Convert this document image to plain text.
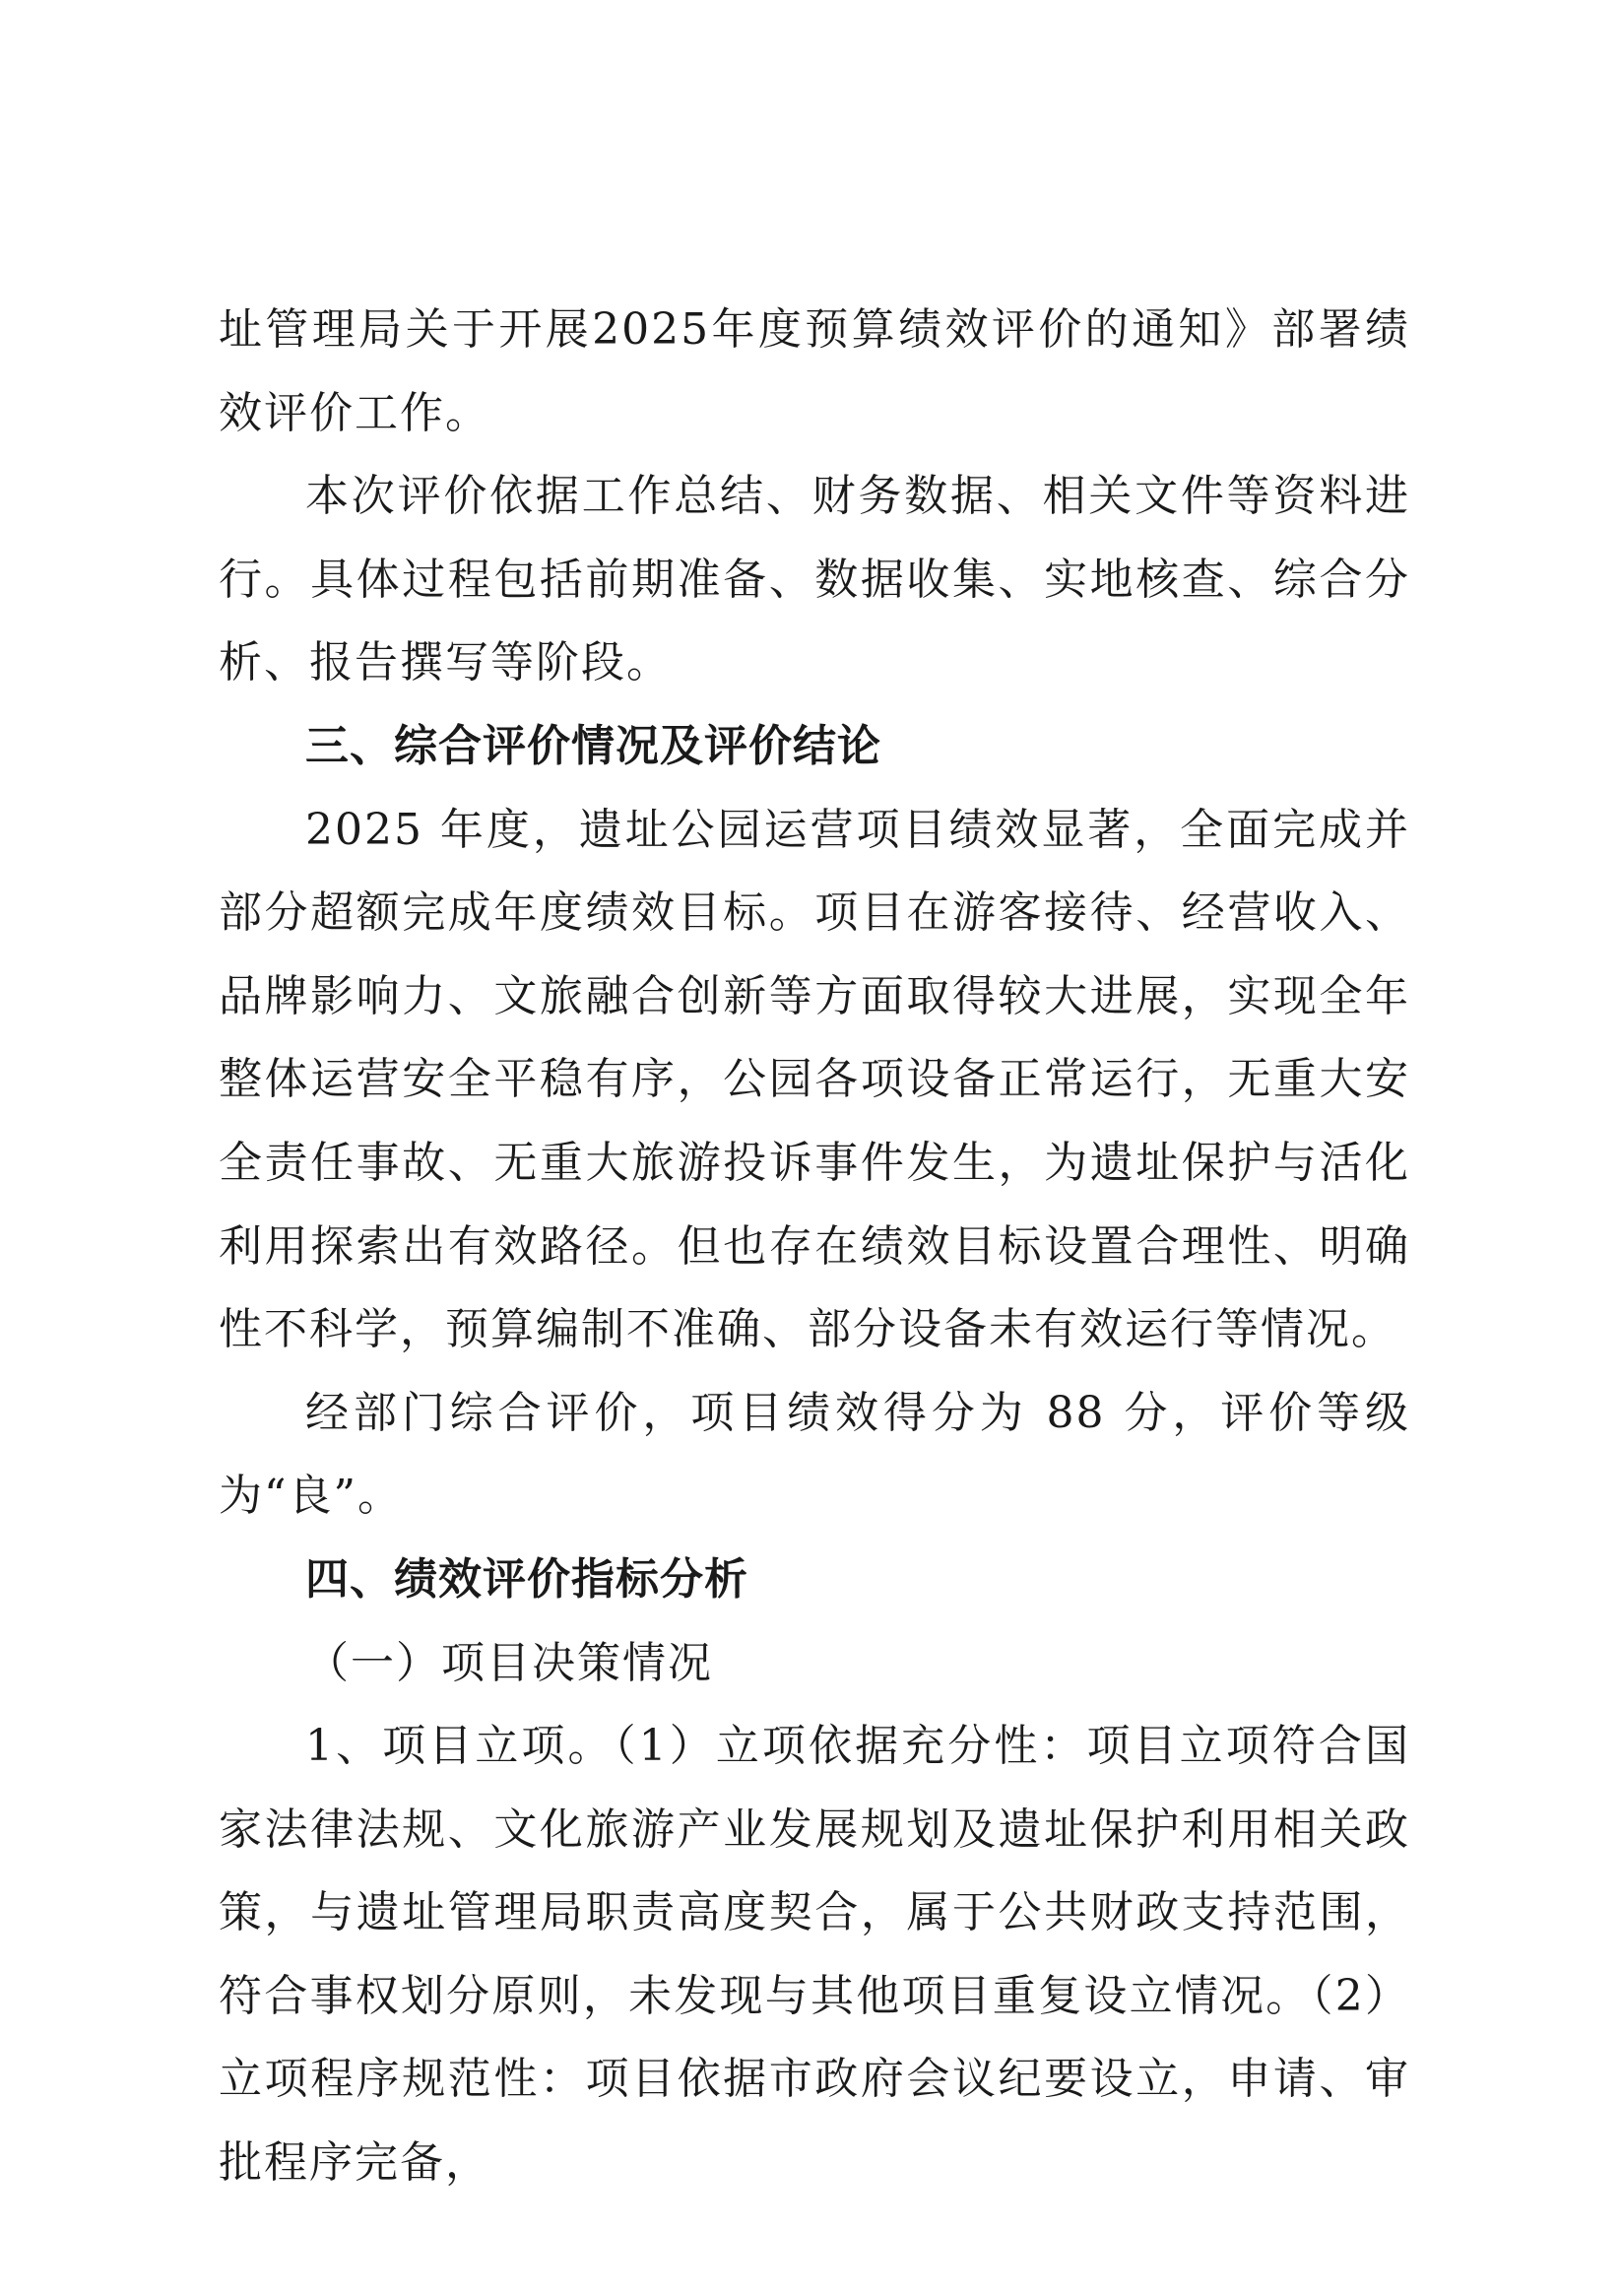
址管理局关于开展2025年度预算绩效评价的通知》部署绩效评价工作。

本次评价依据工作总结、财务数据、相关文件等资料进行。具体过程包括前期准备、数据收集、实地核查、综合分析、报告撰写等阶段。

三、综合评价情况及评价结论

2025 年度，遗址公园运营项目绩效显著，全面完成并部分超额完成年度绩效目标。项目在游客接待、经营收入、品牌影响力、文旅融合创新等方面取得较大进展，实现全年整体运营安全平稳有序，公园各项设备正常运行，无重大安全责任事故、无重大旅游投诉事件发生，为遗址保护与活化利用探索出有效路径。但也存在绩效目标设置合理性、明确性不科学，预算编制不准确、部分设备未有效运行等情况。

经部门综合评价，项目绩效得分为 88 分，评价等级为“良”。

四、绩效评价指标分析

（一）项目决策情况

1、项目立项。（1）立项依据充分性：项目立项符合国家法律法规、文化旅游产业发展规划及遗址保护利用相关政策，与遗址管理局职责高度契合，属于公共财政支持范围，符合事权划分原则，未发现与其他项目重复设立情况。（2）立项程序规范性：项目依据市政府会议纪要设立，申请、审批程序完备，
